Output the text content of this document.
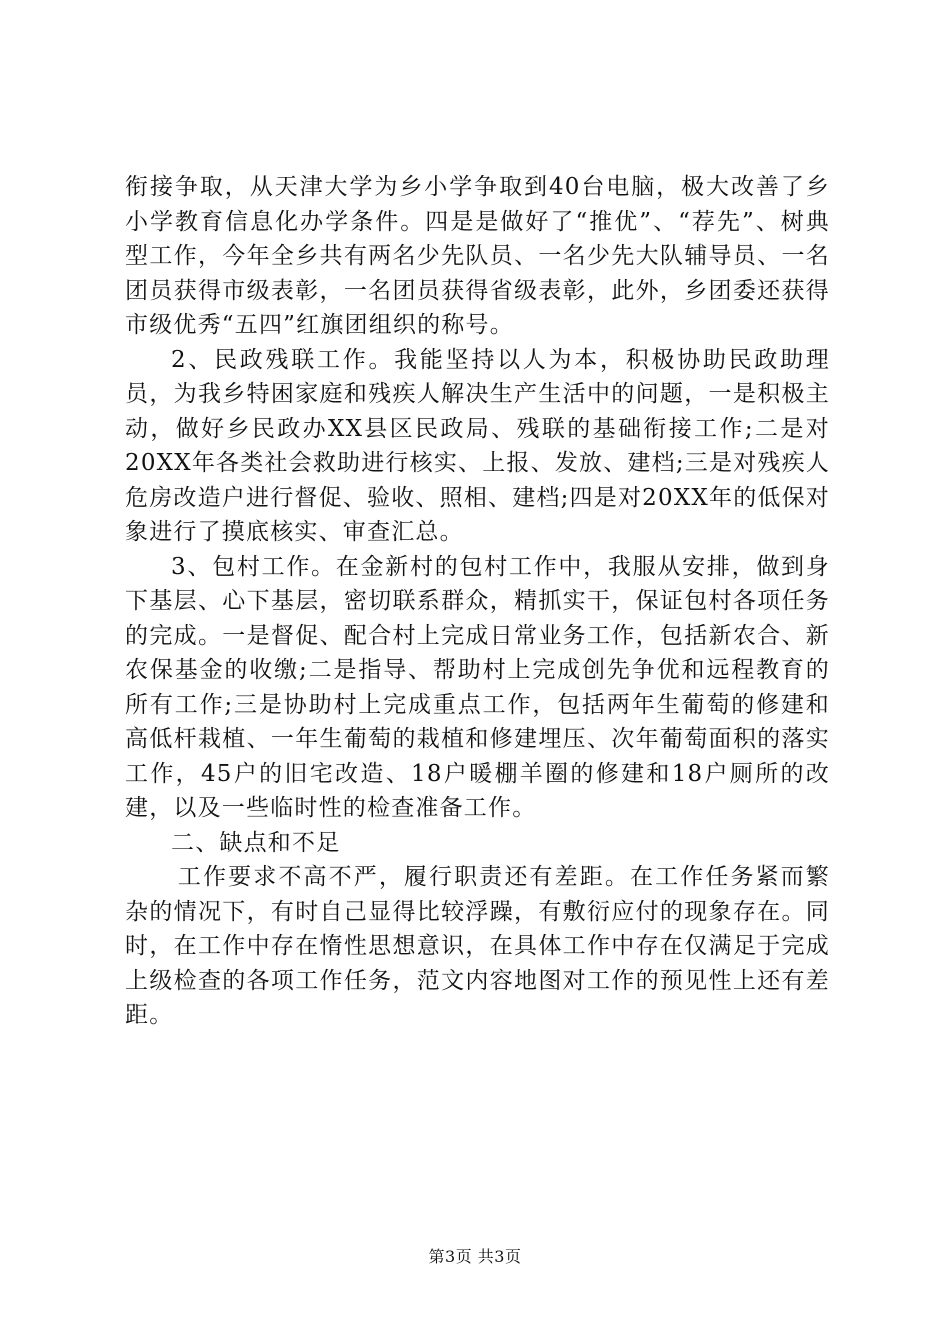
衔接争取，从天津大学为乡小学争取到40台电脑，极大改善了乡小学教育信息化办学条件。四是是做好了“推优”、“荐先”、树典型工作，今年全乡共有两名少先队员、一名少先大队辅导员、一名团员获得市级表彰，一名团员获得省级表彰，此外，乡团委还获得市级优秀“五四”红旗团组织的称号。

2、民政残联工作。我能坚持以人为本，积极协助民政助理员，为我乡特困家庭和残疾人解决生产生活中的问题，一是积极主动，做好乡民政办XX县区民政局、残联的基础衔接工作;二是对20XX年各类社会救助进行核实、上报、发放、建档;三是对残疾人危房改造户进行督促、验收、照相、建档;四是对20XX年的低保对象进行了摸底核实、审查汇总。

3、包村工作。在金新村的包村工作中，我服从安排，做到身下基层、心下基层，密切联系群众，精抓实干，保证包村各项任务的完成。一是督促、配合村上完成日常业务工作，包括新农合、新农保基金的收缴;二是指导、帮助村上完成创先争优和远程教育的所有工作;三是协助村上完成重点工作，包括两年生葡萄的修建和高低杆栽植、一年生葡萄的栽植和修建埋压、次年葡萄面积的落实工作，45户的旧宅改造、18户暖棚羊圈的修建和18户厕所的改建，以及一些临时性的检查准备工作。

二、缺点和不足

工作要求不高不严，履行职责还有差距。在工作任务紧而繁杂的情况下，有时自己显得比较浮躁，有敷衍应付的现象存在。同时，在工作中存在惰性思想意识，在具体工作中存在仅满足于完成上级检查的各项工作任务，范文内容地图对工作的预见性上还有差距。

第3页 共3页
